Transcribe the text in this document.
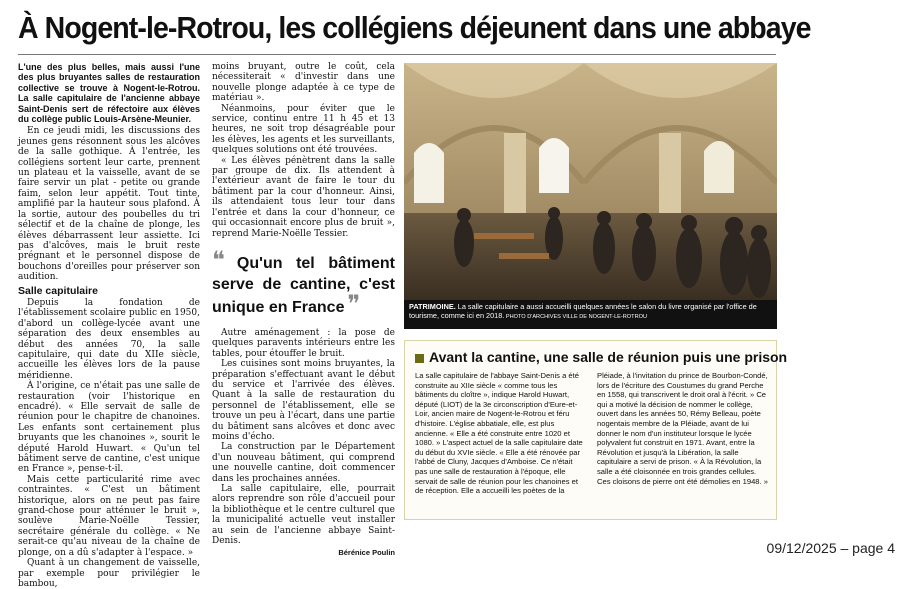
À Nogent-le-Rotrou, les collégiens déjeunent dans une abbaye

L'une des plus belles, mais aussi l'une des plus bruyantes salles de restauration collective se trouve à Nogent-le-Rotrou. La salle capitulaire de l'ancienne abbaye Saint-Denis sert de réfectoire aux élèves du collège public Louis-Arsène-Meunier.

En ce jeudi midi, les discussions des jeunes gens résonnent sous les alcôves de la salle gothique. À l'entrée, les collégiens sortent leur carte, prennent un plateau et la vaisselle, avant de se faire servir un plat - petite ou grande faim, selon leur appétit. Tout tinte, amplifié par la hauteur sous plafond. À la sortie, autour des poubelles du tri sélectif et de la chaîne de plonge, les élèves débarrassent leur assiette. Ici pas d'alcôves, mais le bruit reste prégnant et le personnel dispose de bouchons d'oreilles pour préserver son audition.

Salle capitulaire

Depuis la fondation de l'établissement scolaire public en 1950, d'abord un collège-lycée avant une séparation des deux ensembles au début des années 70, la salle capitulaire, qui date du XIIe siècle, accueille les élèves lors de la pause méridienne.

À l'origine, ce n'était pas une salle de restauration (voir l'historique en encadré). « Elle servait de salle de réunion pour le chapitre de chanoines. Les enfants sont certainement plus bruyants que les chanoines », sourit le député Harold Huwart. « Qu'un tel bâtiment serve de cantine, c'est unique en France », pense-t-il.

Mais cette particularité rime avec contraintes. « C'est un bâtiment historique, alors on ne peut pas faire grand-chose pour atténuer le bruit », soulève Marie-Noëlle Tessier, secrétaire générale du collège. « Ne serait-ce qu'au niveau de la chaîne de plonge, on a dû s'adapter à l'espace. »

Quant à un changement de vaisselle, par exemple pour privilégier le bambou,

moins bruyant, outre le coût, cela nécessiterait « d'investir dans une nouvelle plonge adaptée à ce type de matériau ».

Néanmoins, pour éviter que le service, continu entre 11 h 45 et 13 heures, ne soit trop désagréable pour les élèves, les agents et les surveillants, quelques solutions ont été trouvées.

« Les élèves pénètrent dans la salle par groupe de dix. Ils attendent à l'extérieur avant de faire le tour du bâtiment par la cour d'honneur. Ainsi, ils attendaient tous leur tour dans l'entrée et dans la cour d'honneur, ce qui occasionnait encore plus de bruit », reprend Marie-Noëlle Tessier.

❝ Qu'un tel bâtiment serve de cantine, c'est unique en France ❞

Autre aménagement : la pose de quelques paravents intérieurs entre les tables, pour étouffer le bruit.

Les cuisines sont moins bruyantes, la préparation s'effectuant avant le début du service et l'arrivée des élèves. Quant à la salle de restauration du personnel de l'établissement, elle se trouve un peu à l'écart, dans une partie du bâtiment sans alcôves et donc avec moins d'écho.

La construction par le Département d'un nouveau bâtiment, qui comprend une nouvelle cantine, doit commencer dans les prochaines années.

La salle capitulaire, elle, pourrait alors reprendre son rôle d'accueil pour la bibliothèque et le centre culturel que la municipalité actuelle veut installer au sein de l'ancienne abbaye Saint-Denis.

Bérénice Poulin
PATRIMOINE. La salle capitulaire a aussi accueilli quelques années le salon du livre organisé par l'office de tourisme, comme ici en 2018. PHOTO D'ARCHIVES VILLE DE NOGENT-LE-ROTROU
Avant la cantine, une salle de réunion puis une prison

La salle capitulaire de l'abbaye Saint-Denis a été construite au XIIe siècle « comme tous les bâtiments du cloître », indique Harold Huwart, député (LIOT) de la 3e circonscription d'Eure-et-Loir, ancien maire de Nogent-le-Rotrou et féru d'histoire. L'église abbatiale, elle, est plus ancienne. « Elle a été construite entre 1020 et 1080. » L'aspect actuel de la salle capitulaire date du début du XVIe siècle. « Elle a été rénovée par l'abbé de Cluny, Jacques d'Amboise. Ce n'était pas une salle de restauration à l'époque, elle servait de salle de réunion pour les chanoines et de réception. Elle a accueilli les poètes de la

Pléiade, à l'invitation du prince de Bourbon-Condé, lors de l'écriture des Coustumes du grand Perche en 1558, qui transcrivent le droit oral à l'écrit. » Ce qui a motivé la décision de nommer le collège, ouvert dans les années 50, Rémy Belleau, poète nogentais membre de la Pléiade, avant de lui donner le nom d'un instituteur lorsque le lycée polyvalent fut construit en 1971. Avant, entre la Révolution et jusqu'à la Libération, la salle capitulaire a servi de prison. « À la Révolution, la salle a été cloisonnée en trois grandes cellules. Ces cloisons de pierre ont été démolies en 1948. »

09/12/2025 – page 4
